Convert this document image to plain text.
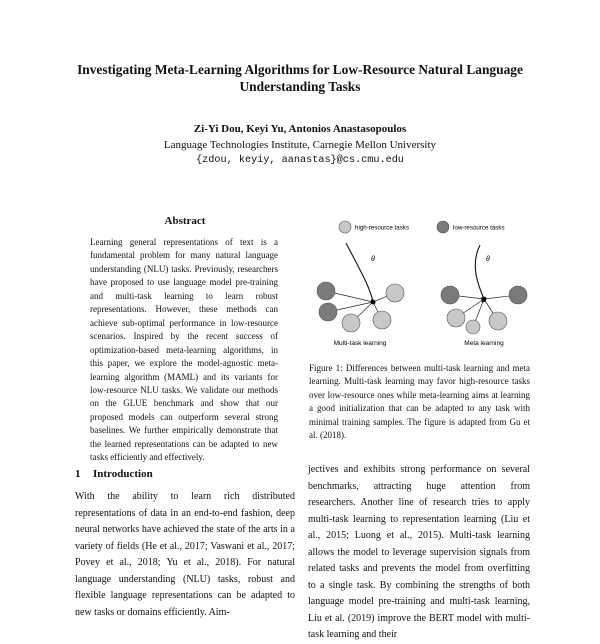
Investigating Meta-Learning Algorithms for Low-Resource Natural Language Understanding Tasks
Zi-Yi Dou, Keyi Yu, Antonios Anastasopoulos
Language Technologies Institute, Carnegie Mellon University
{zdou, keyiy, aanastas}@cs.cmu.edu
Abstract

Learning general representations of text is a fundamental problem for many natural language understanding (NLU) tasks. Previously, researchers have proposed to use language model pre-training and multi-task learning to learn robust representations. However, these methods can achieve sub-optimal performance in low-resource scenarios. Inspired by the recent success of optimization-based meta-learning algorithms, in this paper, we explore the model-agnostic meta-learning algorithm (MAML) and its variants for low-resource NLU tasks. We validate our methods on the GLUE benchmark and show that our proposed models can outperform several strong baselines. We further empirically demonstrate that the learned representations can be adapted to new tasks efficiently and effectively.

high-resource tasks	low-resource tasks
θ
Multi-task learning
θ
Meta learning

Figure 1: Differences between multi-task learning and meta learning. Multi-task learning may favor high-resource tasks over low-resource ones while meta-learning aims at learning a good initialization that can be adapted to any task with minimal training samples. The figure is adapted from Gu et al. (2018).

1 Introduction

With the ability to learn rich distributed representations of data in an end-to-end fashion, deep neural networks have achieved the state of the arts in a variety of fields (He et al., 2017; Vaswani et al., 2017; Povey et al., 2018; Yu et al., 2018). For natural language understanding (NLU) tasks, robust and flexible language representations can be adapted to new tasks or domains efficiently. Aim-

jectives and exhibits strong performance on several benchmarks, attracting huge attention from researchers. Another line of research tries to apply multi-task learning to representation learning (Liu et al., 2015; Luong et al., 2015). Multi-task learning allows the model to leverage supervision signals from related tasks and prevents the model from overfitting to a single task. By combining the strengths of both language model pre-training and multi-task learning, Liu et al. (2019) improve the BERT model with multi-task learning and their
